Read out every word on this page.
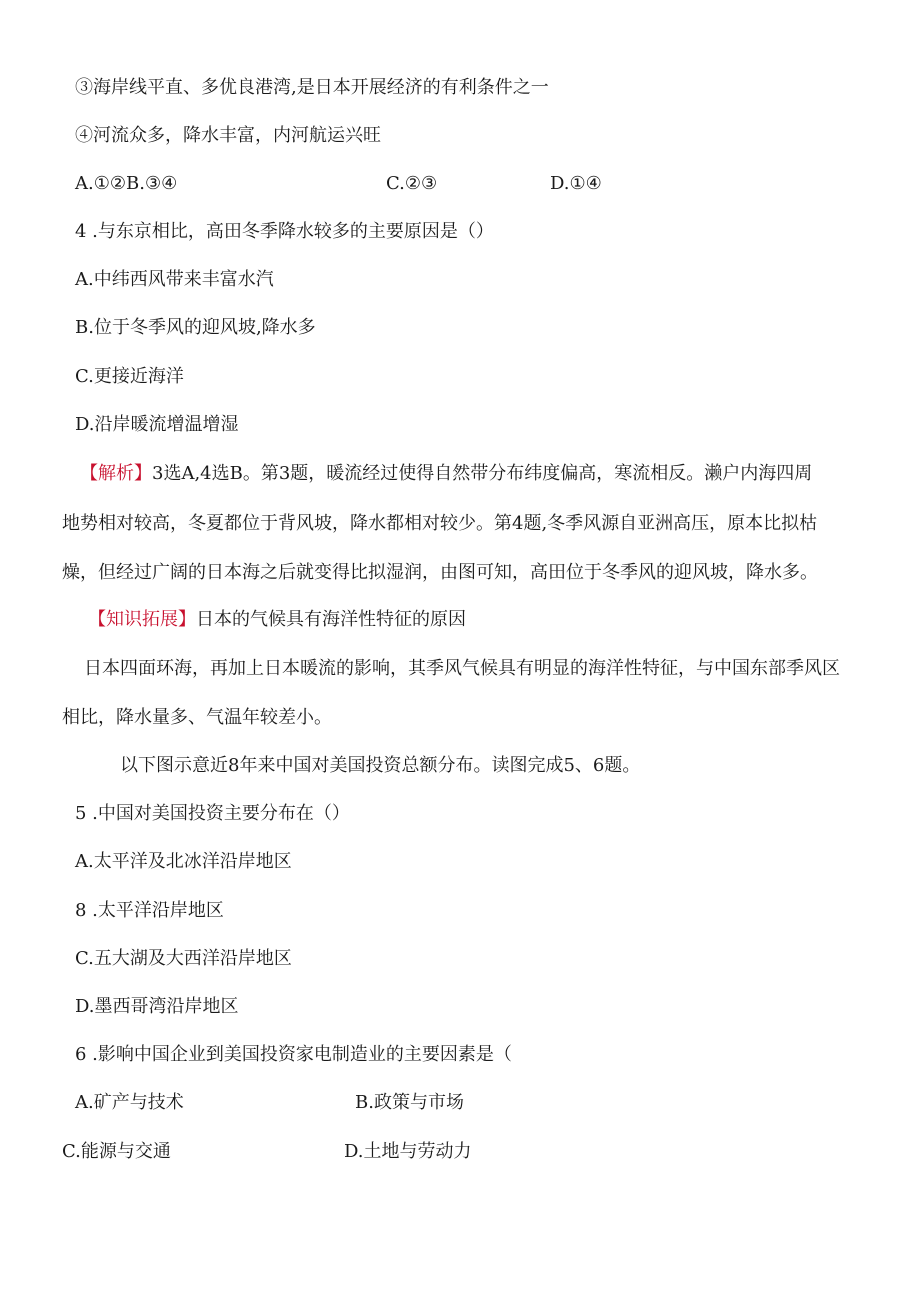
③海岸线平直、多优良港湾,是日本开展经济的有利条件之一
④河流众多，降水丰富，内河航运兴旺
A.①②B.③④	C.②③	D.①④
4 .与东京相比，高田冬季降水较多的主要原因是（）
A.中纬西风带来丰富水汽
B.位于冬季风的迎风坡,降水多
C.更接近海洋
D.沿岸暖流增温增湿
【解析】3选A,4选B。第3题，暖流经过使得自然带分布纬度偏高，寒流相反。濑户内海四周
地势相对较高，冬夏都位于背风坡，降水都相对较少。第4题,冬季风源自亚洲高压，原本比拟枯
燥，但经过广阔的日本海之后就变得比拟湿润，由图可知，高田位于冬季风的迎风坡，降水多。
【知识拓展】日本的气候具有海洋性特征的原因
日本四面环海，再加上日本暖流的影响，其季风气候具有明显的海洋性特征，与中国东部季风区
相比，降水量多、气温年较差小。
以下图示意近8年来中国对美国投资总额分布。读图完成5、6题。
5 .中国对美国投资主要分布在（）
A.太平洋及北冰洋沿岸地区
8 .太平洋沿岸地区
C.五大湖及大西洋沿岸地区
D.墨西哥湾沿岸地区
6 .影响中国企业到美国投资家电制造业的主要因素是（
A.矿产与技术	B.政策与市场
C.能源与交通	D.土地与劳动力
